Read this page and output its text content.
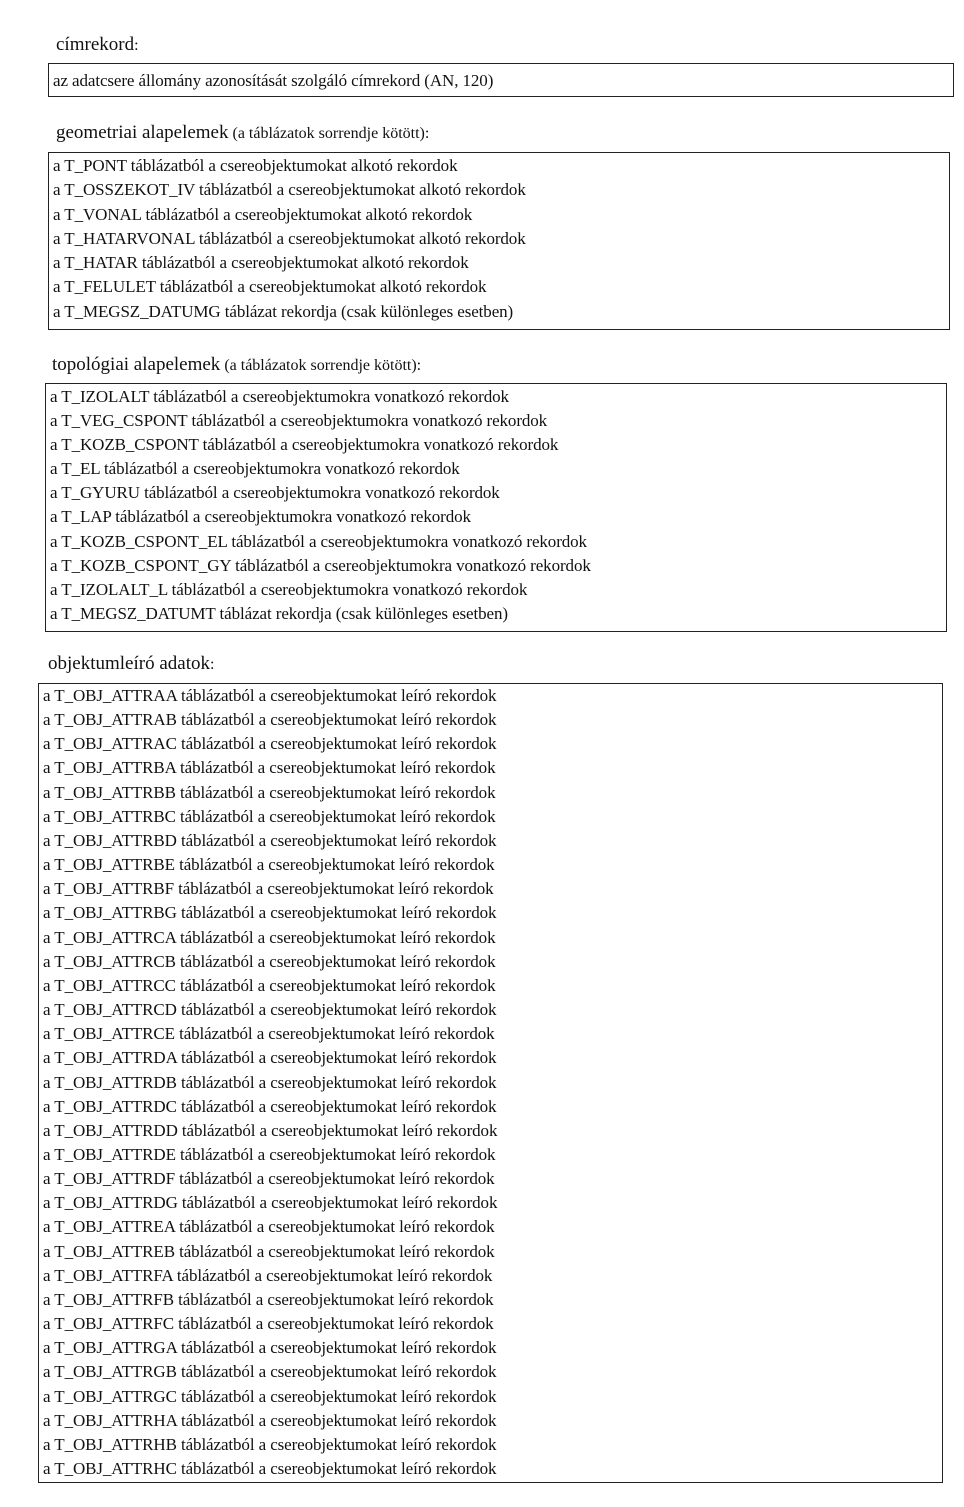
címrekord:
az adatcsere állomány azonosítását szolgáló címrekord (AN, 120)
geometriai alapelemek (a táblázatok sorrendje kötött):
a T_PONT táblázatból a csereobjektumokat alkotó rekordok
a T_OSSZEKOT_IV táblázatból a csereobjektumokat alkotó rekordok
a T_VONAL táblázatból a csereobjektumokat alkotó rekordok
a T_HATARVONAL táblázatból a csereobjektumokat alkotó rekordok
a T_HATAR táblázatból a csereobjektumokat alkotó rekordok
a T_FELULET táblázatból a csereobjektumokat alkotó rekordok
a T_MEGSZ_DATUMG táblázat rekordja (csak különleges esetben)
topológiai alapelemek (a táblázatok sorrendje kötött):
a T_IZOLALT táblázatból a csereobjektumokra vonatkozó rekordok
a T_VEG_CSPONT táblázatból a csereobjektumokra vonatkozó rekordok
a T_KOZB_CSPONT táblázatból a csereobjektumokra vonatkozó rekordok
a T_EL táblázatból a csereobjektumokra vonatkozó rekordok
a T_GYURU táblázatból a csereobjektumokra vonatkozó rekordok
a T_LAP táblázatból a csereobjektumokra vonatkozó rekordok
a T_KOZB_CSPONT_EL táblázatból a csereobjektumokra vonatkozó rekordok
a T_KOZB_CSPONT_GY táblázatból a csereobjektumokra vonatkozó rekordok
a T_IZOLALT_L táblázatból a csereobjektumokra vonatkozó rekordok
a T_MEGSZ_DATUMT táblázat rekordja (csak különleges esetben)
objektumleíró adatok:
a T_OBJ_ATTRAA táblázatból a csereobjektumokat leíró rekordok
a T_OBJ_ATTRAB táblázatból a csereobjektumokat leíró rekordok
a T_OBJ_ATTRAC táblázatból a csereobjektumokat leíró rekordok
a T_OBJ_ATTRBA táblázatból a csereobjektumokat leíró rekordok
a T_OBJ_ATTRBB táblázatból a csereobjektumokat leíró rekordok
a T_OBJ_ATTRBC táblázatból a csereobjektumokat leíró rekordok
a T_OBJ_ATTRBD táblázatból a csereobjektumokat leíró rekordok
a T_OBJ_ATTRBE táblázatból a csereobjektumokat leíró rekordok
a T_OBJ_ATTRBF táblázatból a csereobjektumokat leíró rekordok
a T_OBJ_ATTRBG táblázatból a csereobjektumokat leíró rekordok
a T_OBJ_ATTRCA táblázatból a csereobjektumokat leíró rekordok
a T_OBJ_ATTRCB táblázatból a csereobjektumokat leíró rekordok
a T_OBJ_ATTRCC táblázatból a csereobjektumokat leíró rekordok
a T_OBJ_ATTRCD táblázatból a csereobjektumokat leíró rekordok
a T_OBJ_ATTRCE táblázatból a csereobjektumokat leíró rekordok
a T_OBJ_ATTRDA táblázatból a csereobjektumokat leíró rekordok
a T_OBJ_ATTRDB táblázatból a csereobjektumokat leíró rekordok
a T_OBJ_ATTRDC táblázatból a csereobjektumokat leíró rekordok
a T_OBJ_ATTRDD táblázatból a csereobjektumokat leíró rekordok
a T_OBJ_ATTRDE táblázatból a csereobjektumokat leíró rekordok
a T_OBJ_ATTRDF táblázatból a csereobjektumokat leíró rekordok
a T_OBJ_ATTRDG táblázatból a csereobjektumokat leíró rekordok
a T_OBJ_ATTREA táblázatból a csereobjektumokat leíró rekordok
a T_OBJ_ATTREB táblázatból a csereobjektumokat leíró rekordok
a T_OBJ_ATTRFA táblázatból a csereobjektumokat leíró rekordok
a T_OBJ_ATTRFB táblázatból a csereobjektumokat leíró rekordok
a T_OBJ_ATTRFC táblázatból a csereobjektumokat leíró rekordok
a T_OBJ_ATTRGA táblázatból a csereobjektumokat leíró rekordok
a T_OBJ_ATTRGB táblázatból a csereobjektumokat leíró rekordok
a T_OBJ_ATTRGC táblázatból a csereobjektumokat leíró rekordok
a T_OBJ_ATTRHA táblázatból a csereobjektumokat leíró rekordok
a T_OBJ_ATTRHB táblázatból a csereobjektumokat leíró rekordok
a T_OBJ_ATTRHC táblázatból a csereobjektumokat leíró rekordok
